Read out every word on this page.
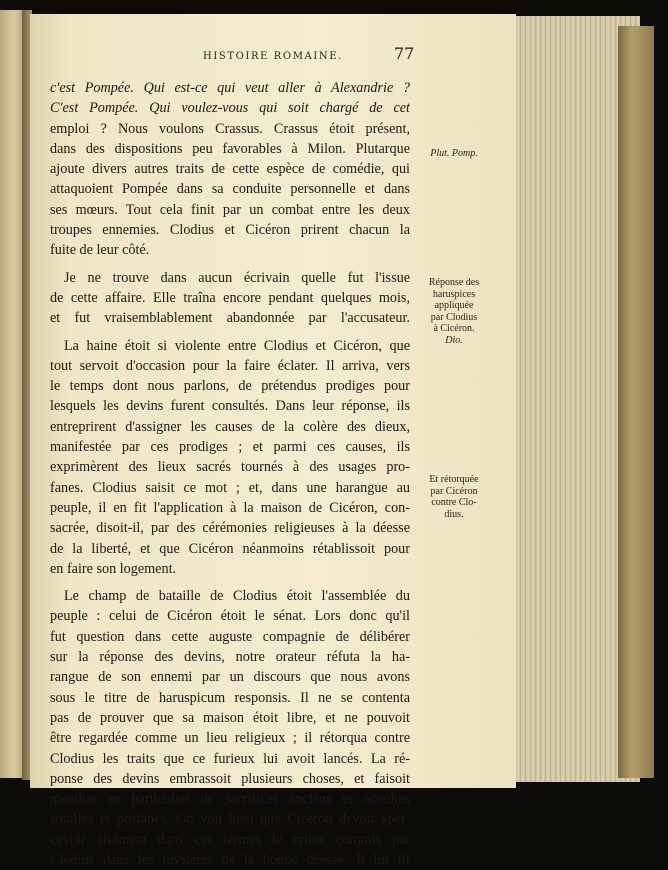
HISTOIRE ROMAINE.	77
c'est Pompée. Qui est-ce qui veut aller à Alexandrie ?
C'est Pompée. Qui voulez-vous qui soit chargé de cet
emploi ? Nous voulons Crassus. Crassus étoit présent,
dans des dispositions peu favorables à Milon. Plutarque
ajoute divers autres traits de cette espèce de comédie, qui
attaquoient Pompée dans sa conduite personnelle et dans
ses mœurs. Tout cela finit par un combat entre les deux
troupes ennemies. Clodius et Cicéron prirent chacun la
fuite de leur côté.
Je ne trouve dans aucun écrivain quelle fut l'issue
de cette affaire. Elle traîna encore pendant quelques mois,
et fut vraisemblablement abandonnée par l'accusateur.
La haine étoit si violente entre Clodius et Cicéron, que
tout servoit d'occasion pour la faire éclater. Il arriva, vers
le temps dont nous parlons, de prétendus prodiges pour
lesquels les devins furent consultés. Dans leur réponse, ils
entreprirent d'assigner les causes de la colère des dieux,
manifestée par ces prodiges ; et parmi ces causes, ils
exprimèrent des lieux sacrés tournés à des usages pro-
fanes. Clodius saisit ce mot ; et, dans une harangue au
peuple, il en fit l'application à la maison de Cicéron, con-
sacrée, disoit-il, par des cérémonies religieuses à la déesse
de la liberté, et que Cicéron néanmoins rétablissoit pour
en faire son logement.
Le champ de bataille de Clodius étoit l'assemblée du
peuple : celui de Cicéron étoit le sénat. Lors donc qu'il
fut question dans cette auguste compagnie de délibérer
sur la réponse des devins, notre orateur réfuta la ha-
rangue de son ennemi par un discours que nous avons
sous le titre de haruspicum responsis. Il ne se contenta
pas de prouver que sa maison étoit libre, et ne pouvoit
être regardée comme un lieu religieux ; il rétorqua contre
Clodius les traits que ce furieux lui avoit lancés. La ré-
ponse des devins embrassoit plusieurs choses, et faisoit
mention en particulier de sacrifices anciens et occultes
souillés et profanés. On voit bien que Cicéron devoit aper-
cevoir aisément dans ces termes le crime commis par
Clodius dans les mystères de la bonne déesse. Il lui fit
Plut. Pomp.
Réponse des
haruspices
appliquée
par Clodius
à Cicéron.
Dio.
Et rétorquée
par Cicéron
contre Clo-
dius.
